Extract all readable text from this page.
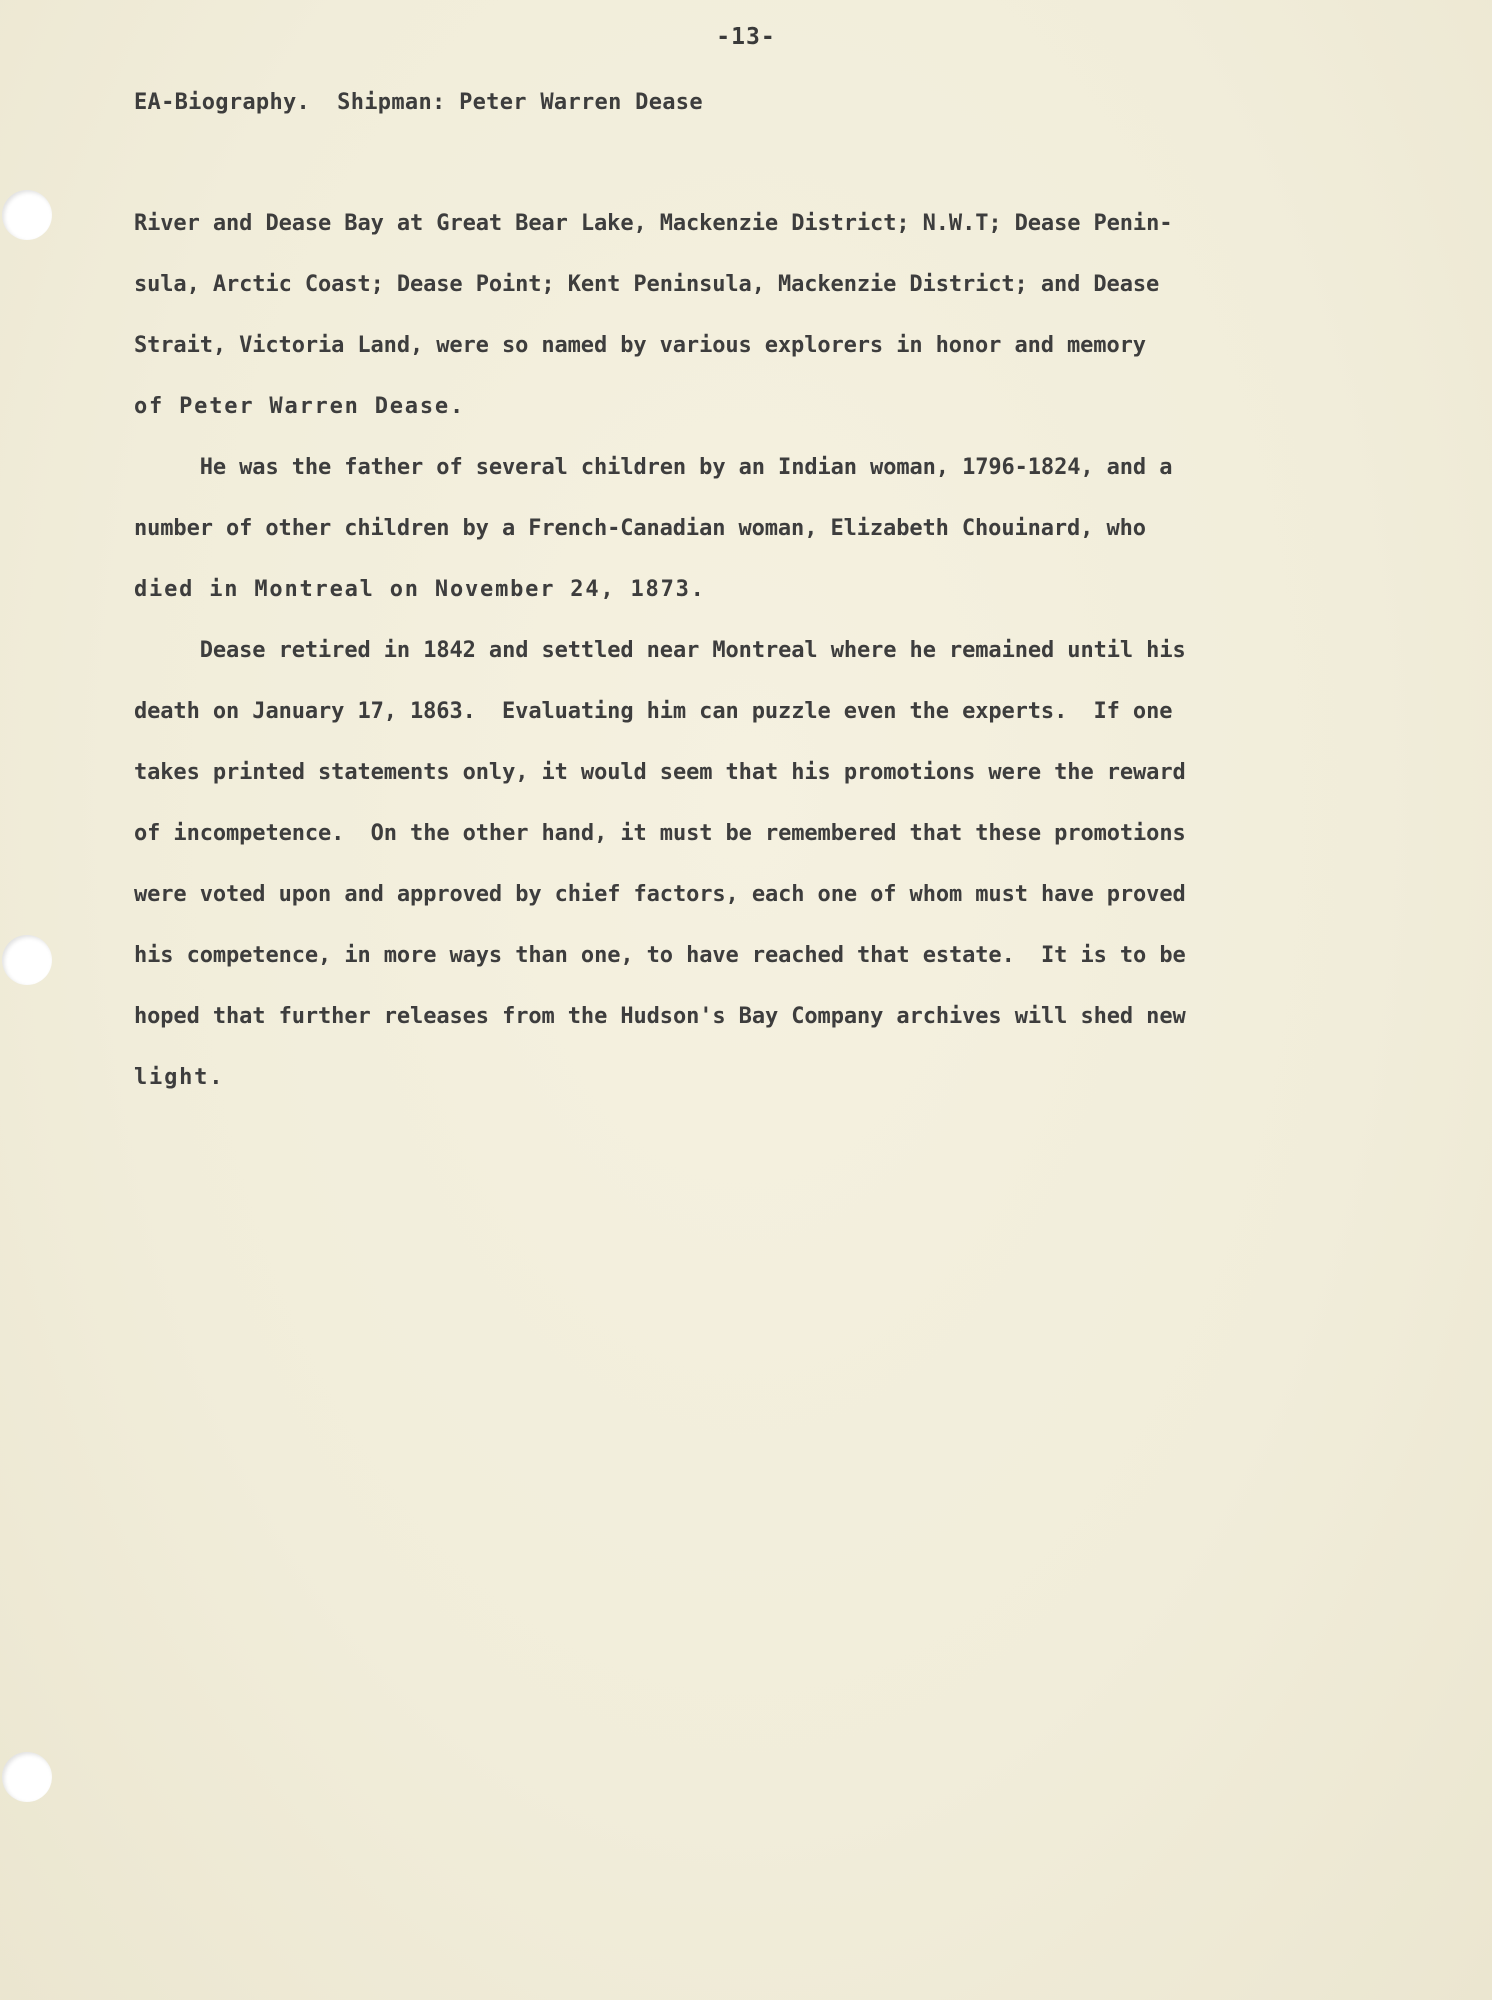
-13-
EA-Biography.  Shipman: Peter Warren Dease
River and Dease Bay at Great Bear Lake, Mackenzie District; N.W.T; Dease Penin-
sula, Arctic Coast; Dease Point; Kent Peninsula, Mackenzie District; and Dease
Strait, Victoria Land, were so named by various explorers in honor and memory
of Peter Warren Dease.
He was the father of several children by an Indian woman, 1796-1824, and a
number of other children by a French-Canadian woman, Elizabeth Chouinard, who
died in Montreal on November 24, 1873.
Dease retired in 1842 and settled near Montreal where he remained until his
death on January 17, 1863.  Evaluating him can puzzle even the experts.  If one
takes printed statements only, it would seem that his promotions were the reward
of incompetence.  On the other hand, it must be remembered that these promotions
were voted upon and approved by chief factors, each one of whom must have proved
his competence, in more ways than one, to have reached that estate.  It is to be
hoped that further releases from the Hudson's Bay Company archives will shed new
light.
